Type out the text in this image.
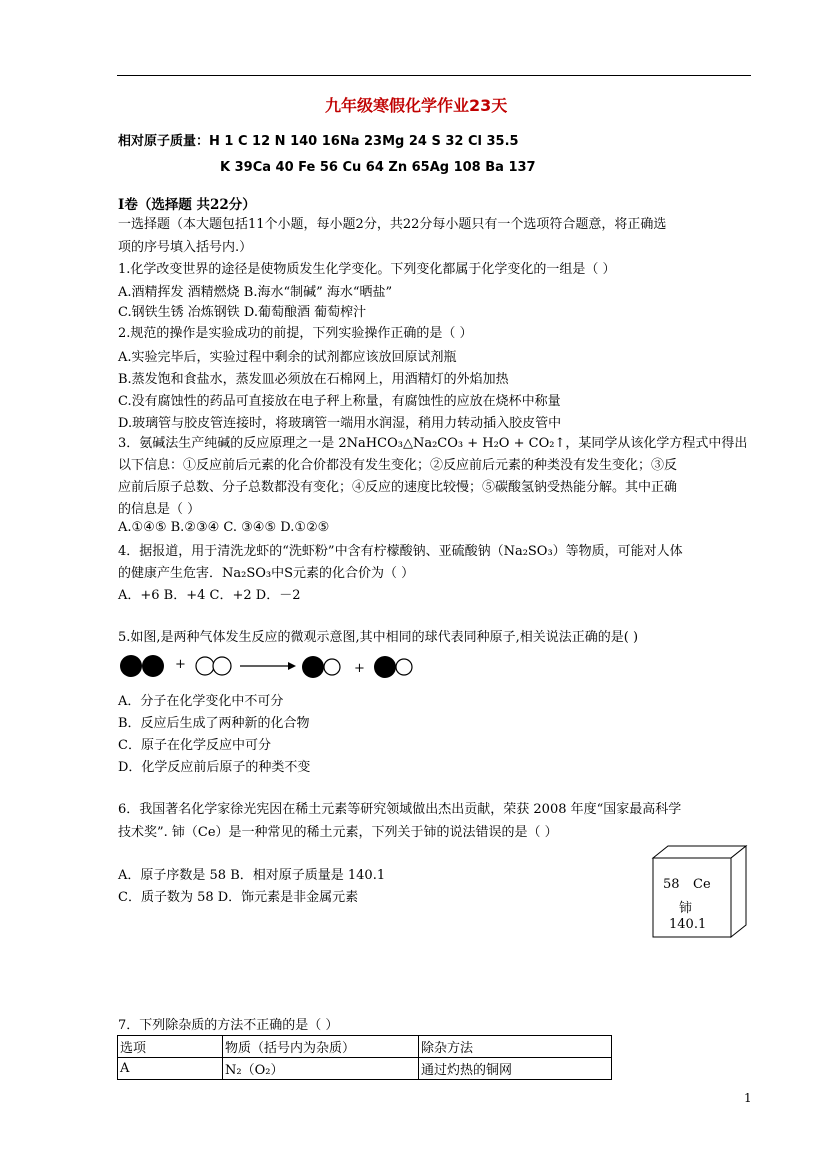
九年级寒假化学作业23天
相对原子质量：H 1 C 12 N 140 16Na 23Mg 24 S 32 Cl 35.5
K 39Ca 40 Fe 56 Cu 64 Zn 65Ag 108 Ba 137
I卷（选择题 共22分）
一选择题（本大题包括11个小题，每小题2分，共22分每小题只有一个选项符合题意，将正确选
项的序号填入括号内.）
1.化学改变世界的途径是使物质发生化学变化。下列变化都属于化学变化的一组是（ ）
A.酒精挥发 酒精燃烧 B.海水“制碱” 海水“晒盐”
C.钢铁生锈 冶炼钢铁 D.葡萄酿酒 葡萄榨汁
2.规范的操作是实验成功的前提，下列实验操作正确的是（ ）
A.实验完毕后，实验过程中剩余的试剂都应该放回原试剂瓶
B.蒸发饱和食盐水，蒸发皿必须放在石棉网上，用酒精灯的外焰加热
C.没有腐蚀性的药品可直接放在电子秤上称量，有腐蚀性的应放在烧杯中称量
D.玻璃管与胶皮管连接时，将玻璃管一端用水润湿，稍用力转动插入胶皮管中
3．氨碱法生产纯碱的反应原理之一是 2NaHCO₃△Na₂CO₃ + H₂O + CO₂↑，某同学从该化学方程式中得出
以下信息：①反应前后元素的化合价都没有发生变化；②反应前后元素的种类没有发生变化；③反
应前后原子总数、分子总数都没有变化；④反应的速度比较慢；⑤碳酸氢钠受热能分解。其中正确
的信息是（ ）
A.①④⑤ B.②③④ C. ③④⑤ D.①②⑤
4．据报道，用于清洗龙虾的“洗虾粉”中含有柠檬酸钠、亚硫酸钠（Na₂SO₃）等物质，可能对人体
的健康产生危害．Na₂SO₃中S元素的化合价为（ ）
A．+6 B．+4 C．+2 D．－2
5.如图,是两种气体发生反应的微观示意图,其中相同的球代表同种原子,相关说法正确的是( )
+	+
A．分子在化学变化中不可分
B．反应后生成了两种新的化合物
C．原子在化学反应中可分
D．化学反应前后原子的种类不变
6．我国著名化学家徐光宪因在稀土元素等研究领域做出杰出贡献，荣获 2008 年度“国家最高科学
技术奖”. 铈（Ce）是一种常见的稀土元素，下列关于铈的说法错误的是（ ）
A．原子序数是 58 B．相对原子质量是 140.1
C．质子数为 58 D．饰元素是非金属元素
58 Ce
铈
140.1
7．下列除杂质的方法不正确的是（ ）
选项	物质（括号内为杂质）	除杂方法
A	N₂（O₂）	通过灼热的铜网
1
